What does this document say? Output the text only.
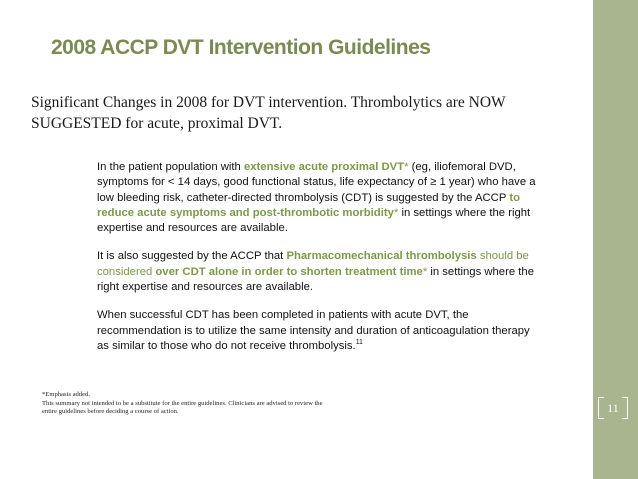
11
2008 ACCP DVT Intervention Guidelines
Significant Changes in 2008 for DVT intervention. Thrombolytics are NOW SUGGESTED for acute, proximal DVT.

In the patient population with extensive acute proximal DVT* (eg, iliofemoral DVD, symptoms for < 14 days, good functional status, life expectancy of ≥ 1 year) who have a low bleeding risk, catheter-directed thrombolysis (CDT) is suggested by the ACCP to reduce acute symptoms and post-thrombotic morbidity* in settings where the right expertise and resources are available.

It is also suggested by the ACCP that Pharmacomechanical thrombolysis should be considered over CDT alone in order to shorten treatment time* in settings where the right expertise and resources are available.

When successful CDT has been completed in patients with acute DVT, the recommendation is to utilize the same intensity and duration of anticoagulation therapy as similar to those who do not receive thrombolysis.$^{11}$

*Emphasis added.
This summary not intended to be a substitute for the entire guidelines. Clinicians are advised to review the
entire guidelines before deciding a course of action.
